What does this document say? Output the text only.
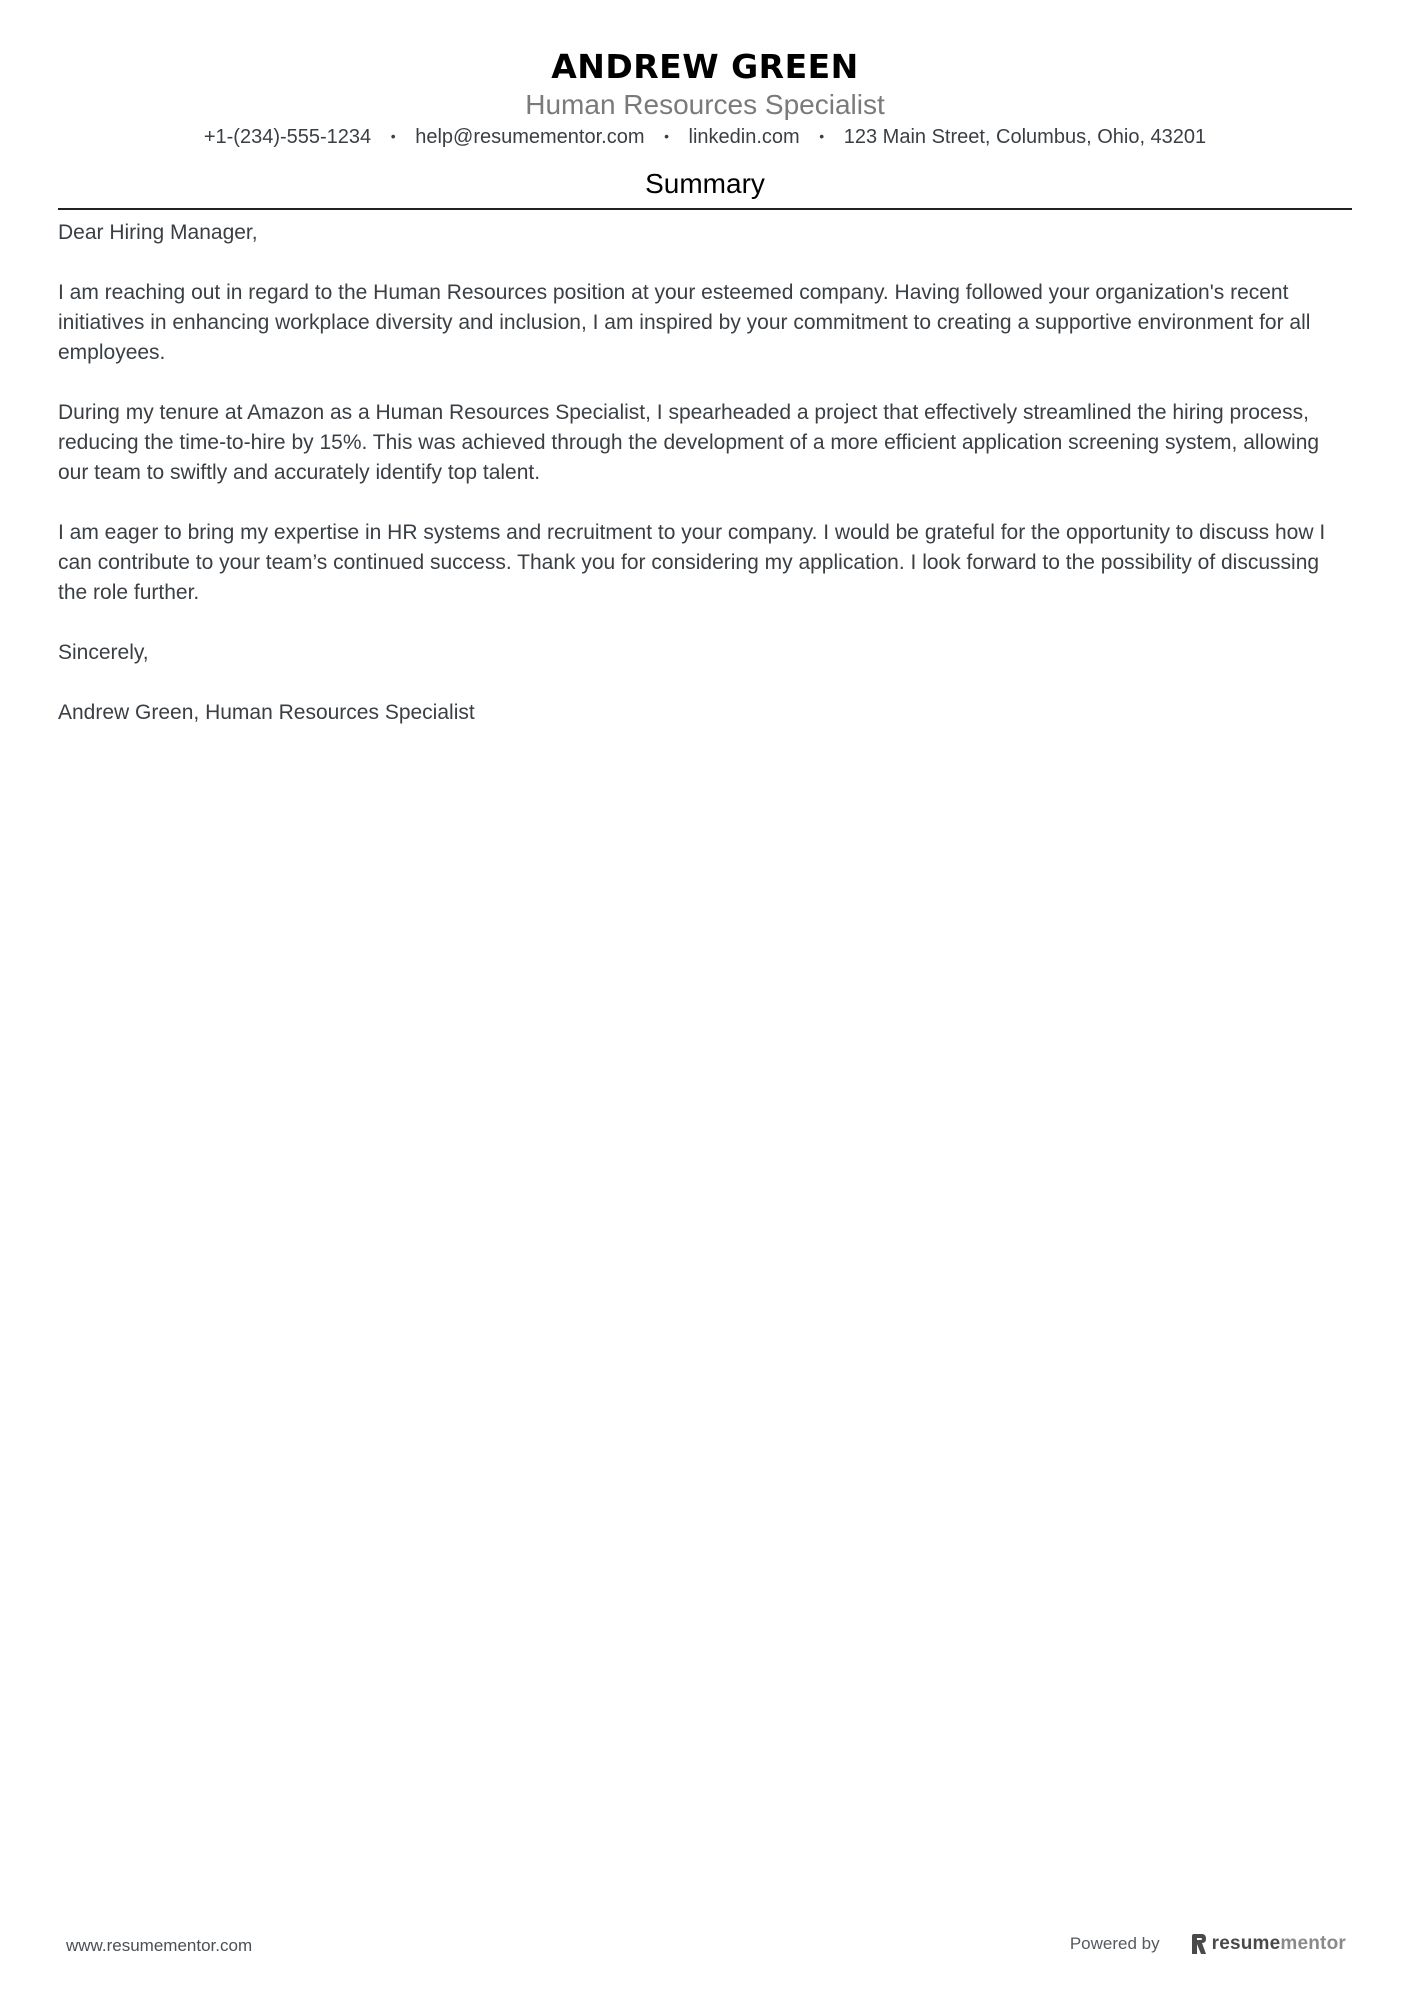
ANDREW GREEN
Human Resources Specialist
+1-(234)-555-1234 • help@resumementor.com • linkedin.com • 123 Main Street, Columbus, Ohio, 43201
Summary

Dear Hiring Manager,

I am reaching out in regard to the Human Resources position at your esteemed company. Having followed your organization's recent initiatives in enhancing workplace diversity and inclusion, I am inspired by your commitment to creating a supportive environment for all employees.

During my tenure at Amazon as a Human Resources Specialist, I spearheaded a project that effectively streamlined the hiring process, reducing the time-to-hire by 15%. This was achieved through the development of a more efficient application screening system, allowing our team to swiftly and accurately identify top talent.

I am eager to bring my expertise in HR systems and recruitment to your company. I would be grateful for the opportunity to discuss how I can contribute to your team’s continued success. Thank you for considering my application. I look forward to the possibility of discussing the role further.

Sincerely,

Andrew Green, Human Resources Specialist

www.resumementor.com	Powered by	resumementor
